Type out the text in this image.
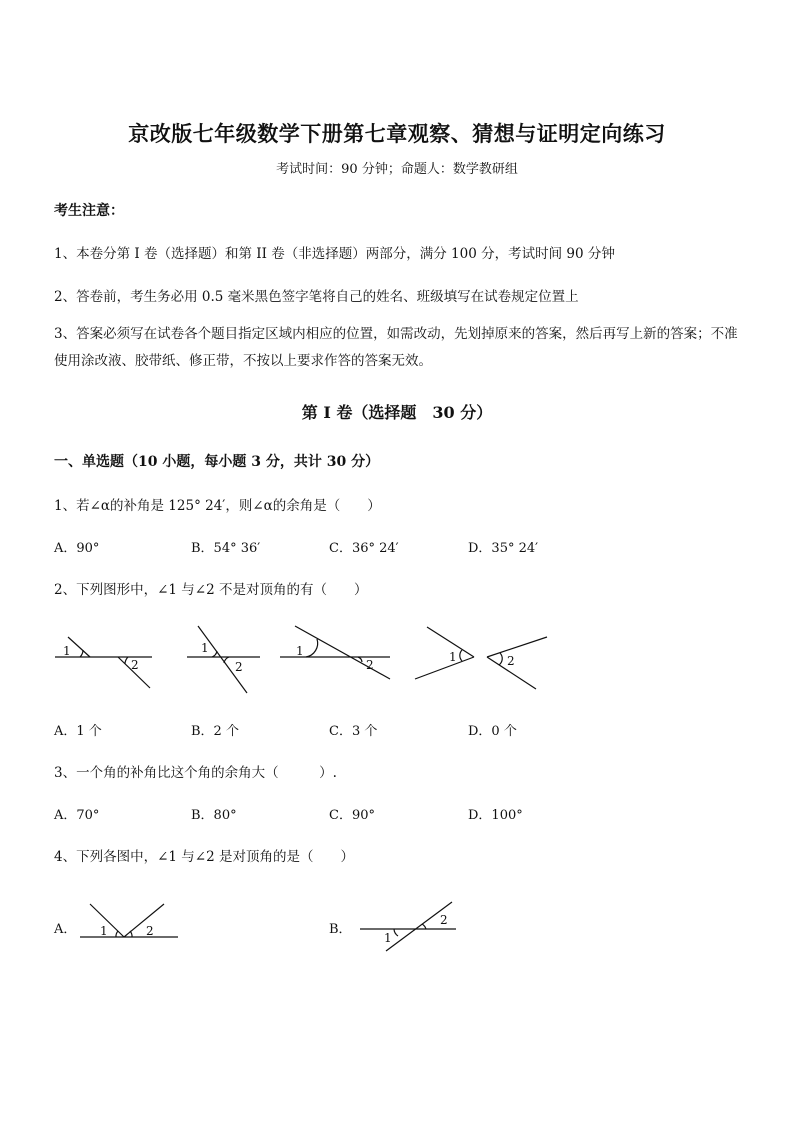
京改版七年级数学下册第七章观察、猜想与证明定向练习
考试时间：90 分钟；命题人：数学教研组
考生注意：
1、本卷分第 I 卷（选择题）和第 II 卷（非选择题）两部分，满分 100 分，考试时间 90 分钟
2、答卷前，考生务必用 0.5 毫米黑色签字笔将自己的姓名、班级填写在试卷规定位置上
3、答案必须写在试卷各个题目指定区域内相应的位置，如需改动，先划掉原来的答案，然后再写上新的答案；不准使用涂改液、胶带纸、修正带，不按以上要求作答的答案无效。
第 I 卷（选择题　30 分）
一、单选题（10 小题，每小题 3 分，共计 30 分）
1、若∠α的补角是 125° 24′，则∠α的余角是（　　）
A．90°	B．54° 36′	C．36° 24′	D．35° 24′
2、下列图形中，∠1 与∠2 不是对顶角的有（　　）
1
2
1
2
1
2
1	2
A．1 个	B．2 个	C．3 个	D．0 个
3、一个角的补角比这个角的余角大（　　　）.
A．70°	B．80°	C．90°	D．100°
4、下列各图中，∠1 与∠2 是对顶角的是（　　）
A．	B．
1	2	1
2
